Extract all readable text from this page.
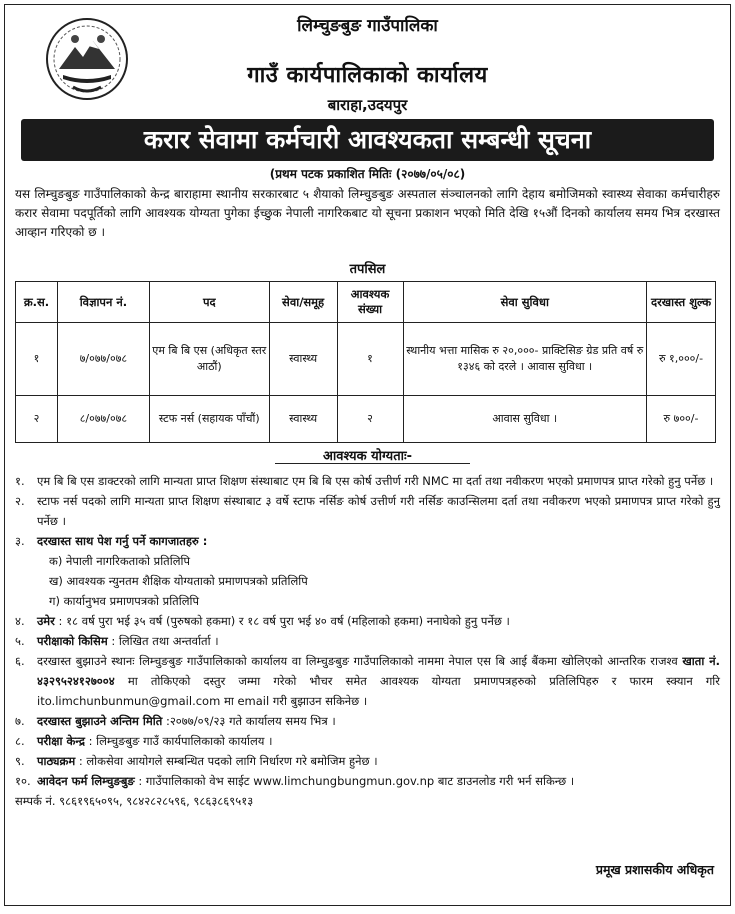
लिम्चुङबुङ गाउँपालिका
गाउँ कार्यपालिकाको कार्यालय
बाराहा,उदयपुर
करार सेवामा कर्मचारी आवश्यकता सम्बन्धी सूचना
(प्रथम पटक प्रकाशित मितिः (२०७७/०५/०८)
यस लिम्चुङबुङ गाउँपालिकाको केन्द्र बाराहामा स्थानीय सरकारबाट ५ शैयाको लिम्चुङबुङ अस्पताल संञ्चालनको लागि देहाय बमोजिमको स्वास्थ्य सेवाका कर्मचारीहरु करार सेवामा पदपूर्तिको लागि आवश्यक योग्यता पुगेका ईच्छुक नेपाली नागरिकबाट यो सूचना प्रकाशन भएको मिति देखि १५औं दिनको कार्यालय समय भित्र दरखास्त आव्हान गरिएको छ ।
तपसिल
क्र.स.	विज्ञापन नं.	पद	सेवा/समूह	आवश्यक संख्या	सेवा सुविधा	दरखास्त शुल्क
१	७/०७७/०७८	एम बि बि एस (अधिकृत स्तर आठौं)	स्वास्थ्य	१	स्थानीय भत्ता मासिक रु २०,०००- प्राक्टिसिङ ग्रेड प्रति वर्ष रु १३४६ को दरले । आवास सुविधा ।	रु १,०००/-
२	८/०७७/०७८	स्टफ नर्स (सहायक पाँचौं)	स्वास्थ्य	२	आवास सुविधा ।	रु ७००/-
आवश्यक योग्यताः-
१.	एम बि बि एस डाक्टरको लागि मान्यता प्राप्त शिक्षण संस्थाबाट एम बि बि एस कोर्ष उत्तीर्ण गरी NMC मा दर्ता तथा नवीकरण भएको प्रमाणपत्र प्राप्त गरेको हुनु पर्नेछ ।
२.	स्टाफ नर्स पदको लागि मान्यता प्राप्त शिक्षण संस्थाबाट ३ वर्षे स्टाफ नर्सिङ कोर्ष उत्तीर्ण गरी नर्सिङ काउन्सिलमा दर्ता तथा नवीकरण भएको प्रमाणपत्र प्राप्त गरेको हुनु पर्नेछ ।
३.	दरखास्त साथ पेश गर्नु पर्ने कागजातहरु :
क) नेपाली नागरिकताको प्रतिलिपि
ख) आवश्यक न्युनतम शैक्षिक योग्यताको प्रमाणपत्रको प्रतिलिपि
ग) कार्यानुभव प्रमाणपत्रको प्रतिलिपि
४.	उमेर : १८ वर्ष पुरा भई ३५ वर्ष (पुरुषको हकमा) र १८ वर्ष पुरा भई ४० वर्ष (महिलाको हकमा) ननाघेको हुनु पर्नेछ ।
५.	परीक्षाको किसिम : लिखित तथा अन्तर्वार्ता ।
६.	दरखास्त बुझाउने स्थानः लिम्चुङबुङ गाउँपालिकाको कार्यालय वा लिम्चुङबुङ गाउँपालिकाको नाममा नेपाल एस बि आई बैंकमा खोलिएको आन्तरिक राजश्व खाता नं. ४३२९५२४१२७००४ मा तोकिएको दस्तुर जम्मा गरेको भौचर समेत आवश्यक योग्यता प्रमाणपत्रहरुको प्रतिलिपिहरु र फारम स्क्यान गरि ito.limchunbunmun@gmail.com मा email गरी बुझाउन सकिनेछ ।
७.	दरखास्त बुझाउने अन्तिम मिति :२०७७/०९/२३ गते कार्यालय समय भित्र ।
८.	परीक्षा केन्द्र : लिम्चुङबुङ गाउँ कार्यपालिकाको कार्यालय ।
९.	पाठ्यक्रम : लोकसेवा आयोगले सम्बन्धित पदको लागि निर्धारण गरे बमोजिम हुनेछ ।
१०. आवेदन फर्म लिम्चुङबुङ : गाउँपालिकाको वेभ साईट www.limchungbungmun.gov.np बाट डाउनलोड गरी भर्न सकिन्छ ।
सम्पर्क नं. ९८६१९६५०९५, ९८४२८२८५९६, ९८६३८६९५१३
प्रमूख प्रशासकीय अधिकृत
